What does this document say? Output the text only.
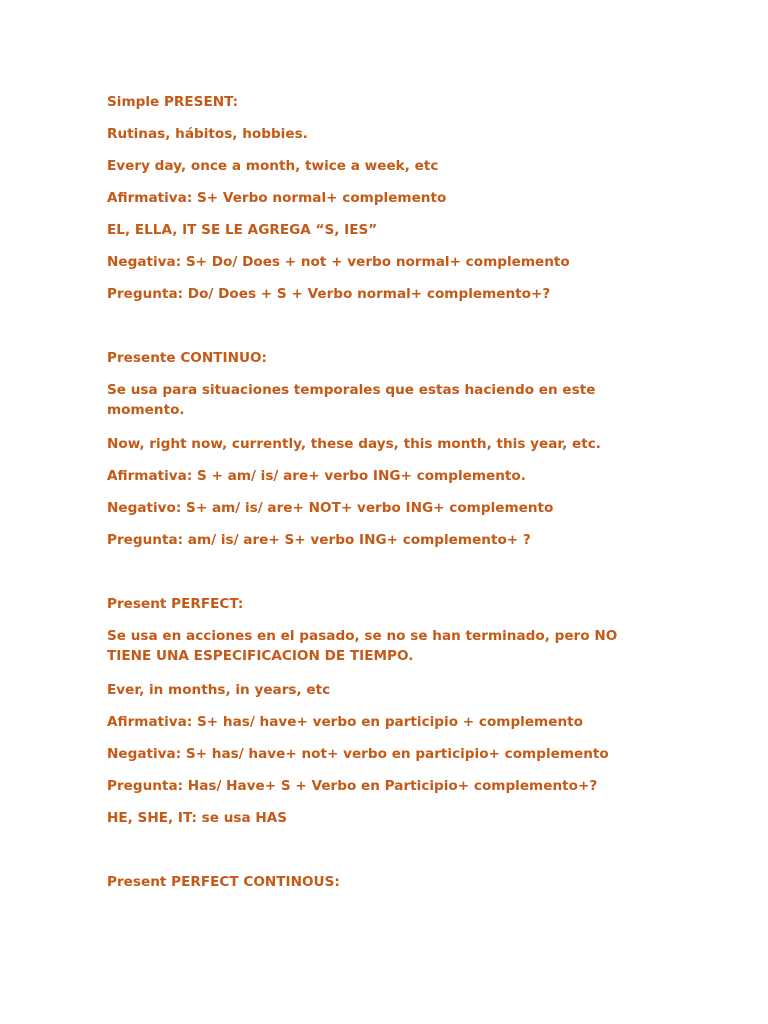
Simple PRESENT:

Rutinas, hábitos, hobbies.

Every day, once a month, twice a week, etc

Afirmativa: S+ Verbo normal+ complemento

EL, ELLA, IT SE LE AGREGA “S, IES”

Negativa: S+ Do/ Does + not + verbo normal+ complemento

Pregunta: Do/ Does + S + Verbo normal+ complemento+?

Presente CONTINUO:

Se usa para situaciones temporales que estas haciendo en este momento.

Now, right now, currently, these days, this month, this year, etc.

Afirmativa: S + am/ is/ are+ verbo ING+ complemento.

Negativo: S+ am/ is/ are+ NOT+ verbo ING+ complemento

Pregunta: am/ is/ are+ S+ verbo ING+ complemento+ ?

Present PERFECT:

Se usa en acciones en el pasado, se no se han terminado, pero NO TIENE UNA ESPECIFICACION DE TIEMPO.

Ever, in months, in years, etc

Afirmativa: S+ has/ have+ verbo en participio + complemento

Negativa: S+ has/ have+ not+ verbo en participio+ complemento

Pregunta: Has/ Have+ S + Verbo en Participio+ complemento+?

HE, SHE, IT: se usa HAS

Present PERFECT CONTINOUS:
